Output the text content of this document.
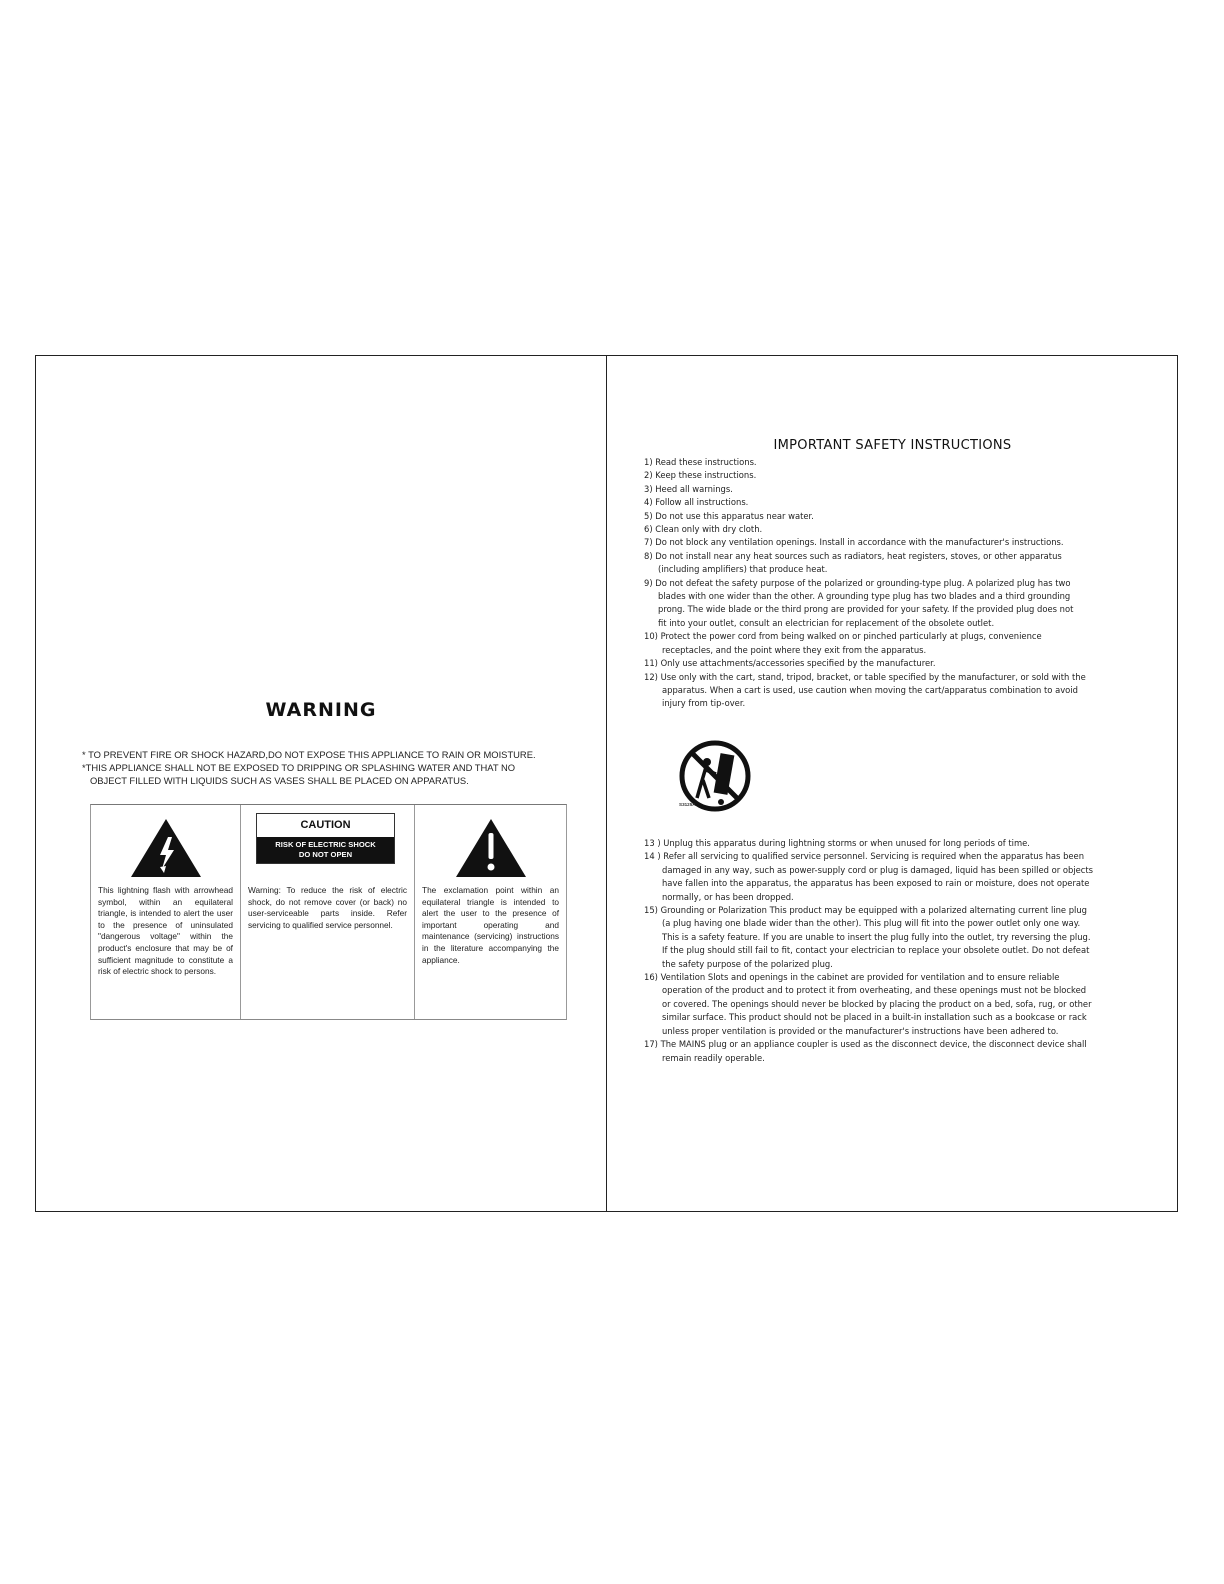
WARNING
* TO PREVENT FIRE OR SHOCK HAZARD,DO NOT EXPOSE THIS APPLIANCE TO RAIN OR MOISTURE.
*THIS APPLIANCE SHALL NOT BE EXPOSED TO DRIPPING OR SPLASHING WATER AND THAT NO
OBJECT FILLED WITH LIQUIDS SUCH AS VASES SHALL BE PLACED ON APPARATUS.
This lightning flash with arrowhead symbol, within an equilateral triangle, is intended to alert the user to the presence of uninsulated "dangerous voltage" within the product's enclosure that may be of sufficient magnitude to constitute a risk of electric shock to persons.
CAUTION
RISK OF ELECTRIC SHOCK
DO NOT OPEN
Warning: To reduce the risk of electric shock, do not remove cover (or back) no user-serviceable parts inside. Refer servicing to qualified service personnel.
The exclamation point within an equilateral triangle is intended to alert the user to the presence of important operating and maintenance (servicing) instructions in the literature accompanying the appliance.
IMPORTANT SAFETY INSTRUCTIONS
1) Read these instructions.
2) Keep these instructions.
3) Heed all warnings.
4) Follow all instructions.
5) Do not use this apparatus near water.
6) Clean only with dry cloth.
7) Do not block any ventilation openings. Install in accordance with the manufacturer's instructions.
8) Do not install near any heat sources such as radiators, heat registers, stoves, or other apparatus
(including amplifiers) that produce heat.
9) Do not defeat the safety purpose of the polarized or grounding-type plug. A polarized plug has two
blades with one wider than the other. A grounding type plug has two blades and a third grounding
prong. The wide blade or the third prong are provided for your safety. If the provided plug does not
fit into your outlet, consult an electrician for replacement of the obsolete outlet.
10) Protect the power cord from being walked on or pinched particularly at plugs, convenience
receptacles, and the point where they exit from the apparatus.
11) Only use attachments/accessories specified by the manufacturer.
12) Use only with the cart, stand, tripod, bracket, or table specified by the manufacturer, or sold with the
apparatus. When a cart is used, use caution when moving the cart/apparatus combination to avoid
injury from tip-over.
S3125A
13 ) Unplug this apparatus during lightning storms or when unused for long periods of time.
14 ) Refer all servicing to qualified service personnel. Servicing is required when the apparatus has been
damaged in any way, such as power-supply cord or plug is damaged, liquid has been spilled or objects
have fallen into the apparatus, the apparatus has been exposed to rain or moisture, does not operate
normally, or has been dropped.
15) Grounding or Polarization This product may be equipped with a polarized alternating current line plug
(a plug having one blade wider than the other). This plug will fit into the power outlet only one way.
This is a safety feature. If you are unable to insert the plug fully into the outlet, try reversing the plug.
If the plug should still fail to fit, contact your electrician to replace your obsolete outlet. Do not defeat
the safety purpose of the polarized plug.
16) Ventilation Slots and openings in the cabinet are provided for ventilation and to ensure reliable
operation of the product and to protect it from overheating, and these openings must not be blocked
or covered. The openings should never be blocked by placing the product on a bed, sofa, rug, or other
similar surface. This product should not be placed in a built-in installation such as a bookcase or rack
unless proper ventilation is provided or the manufacturer's instructions have been adhered to.
17) The MAINS plug or an appliance coupler is used as the disconnect device, the disconnect device shall
remain readily operable.
